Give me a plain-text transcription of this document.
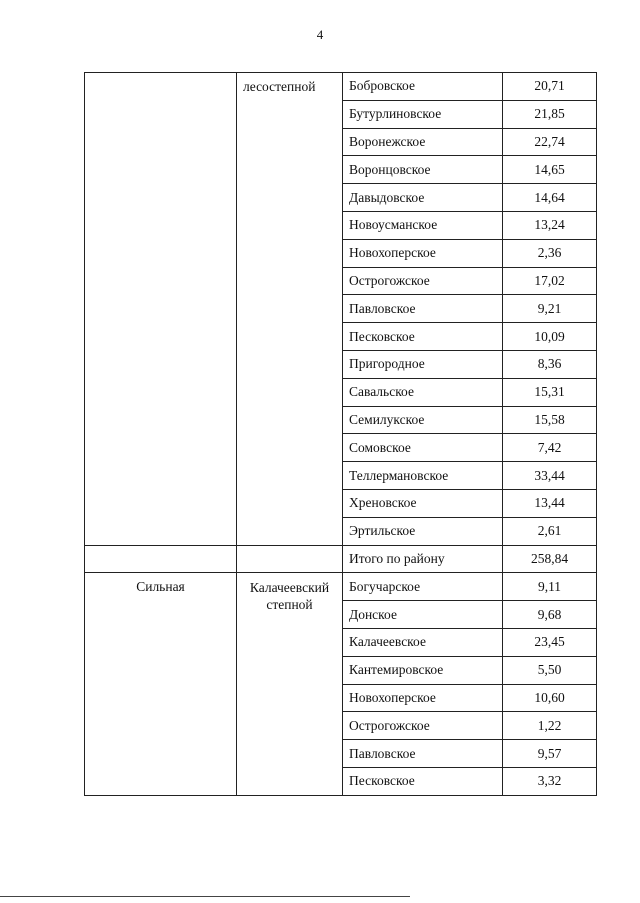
4
	лесостепной	Бобровское	20,71
		Бутурлиновское	21,85
		Воронежское	22,74
		Воронцовское	14,65
		Давыдовское	14,64
		Новоусманское	13,24
		Новохоперское	2,36
		Острогожское	17,02
		Павловское	9,21
		Песковское	10,09
		Пригородное	8,36
		Савальское	15,31
		Семилукское	15,58
		Сомовское	7,42
		Теллермановское	33,44
		Хреновское	13,44
		Эртильское	2,61
		Итого по району	258,84
Сильная	Калачеевский степной	Богучарское	9,11
		Донское	9,68
		Калачеевское	23,45
		Кантемировское	5,50
		Новохоперское	10,60
		Острогожское	1,22
		Павловское	9,57
		Песковское	3,32
